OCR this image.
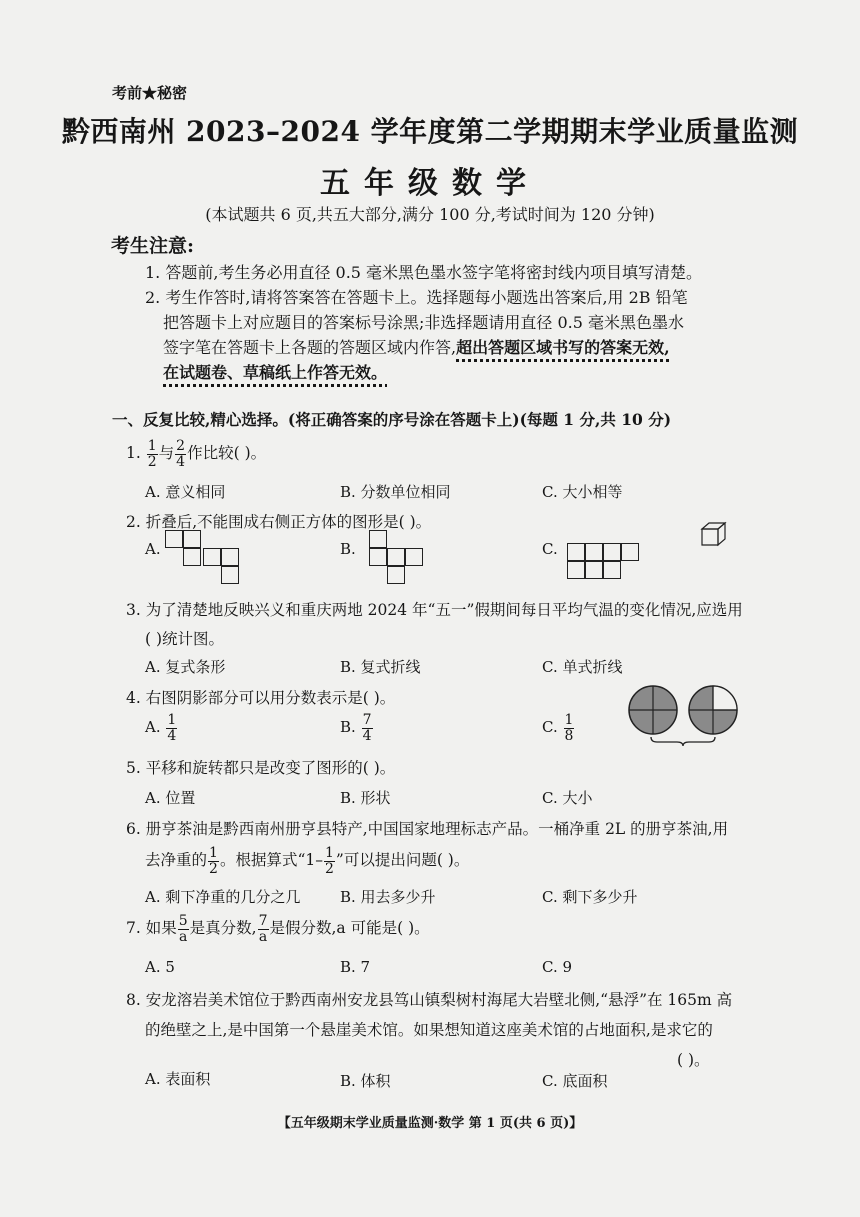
考前★秘密
黔西南州 2023–2024 学年度第二学期期末学业质量监测
五年级数学
(本试题共 6 页,共五大部分,满分 100 分,考试时间为 120 分钟)
考生注意:
1. 答题前,考生务必用直径 0.5 毫米黑色墨水签字笔将密封线内项目填写清楚。
2. 考生作答时,请将答案答在答题卡上。选择题每小题选出答案后,用 2B 铅笔
把答题卡上对应题目的答案标号涂黑;非选择题请用直径 0.5 毫米黑色墨水
签字笔在答题卡上各题的答题区域内作答,超出答题区域书写的答案无效,
在试题卷、草稿纸上作答无效。
一、反复比较,精心选择。(将正确答案的序号涂在答题卡上)(每题 1 分,共 10 分)
1. $\frac{1}{2}$ 与 $\frac{2}{4}$ 作比较( )。
A. 意义相同	B. 分数单位相同	C. 大小相等
2. 折叠后,不能围成右侧正方体的图形是( )。
A.	B.	C.
3. 为了清楚地反映兴义和重庆两地 2024 年“五一”假期间每日平均气温的变化情况,应选用
( )统计图。
A. 复式条形	B. 复式折线	C. 单式折线
4. 右图阴影部分可以用分数表示是( )。
A. $\frac{1}{4}$	B. $\frac{7}{4}$	C. $\frac{1}{8}$
5. 平移和旋转都只是改变了图形的( )。
A. 位置	B. 形状	C. 大小
6. 册亨茶油是黔西南州册亨县特产,中国国家地理标志产品。一桶净重 2L 的册亨茶油,用
去净重的 $\frac{1}{2}$ 。根据算式“$1- \frac{1}{2}$ ”可以提出问题( )。
A. 剩下净重的几分之几	B. 用去多少升	C. 剩下多少升
7. 如果 $\frac{5}{a}$ 是真分数, $\frac{7}{a}$ 是假分数,a 可能是( )。
A. 5	B. 7	C. 9
8. 安龙溶岩美术馆位于黔西南州安龙县笃山镇梨树村海尾大岩壁北侧,“悬浮”在 165m 高
的绝壁之上,是中国第一个悬崖美术馆。如果想知道这座美术馆的占地面积,是求它的
( )。
A. 表面积	B. 体积	C. 底面积
【五年级期末学业质量监测·数学 第 1 页(共 6 页)】
